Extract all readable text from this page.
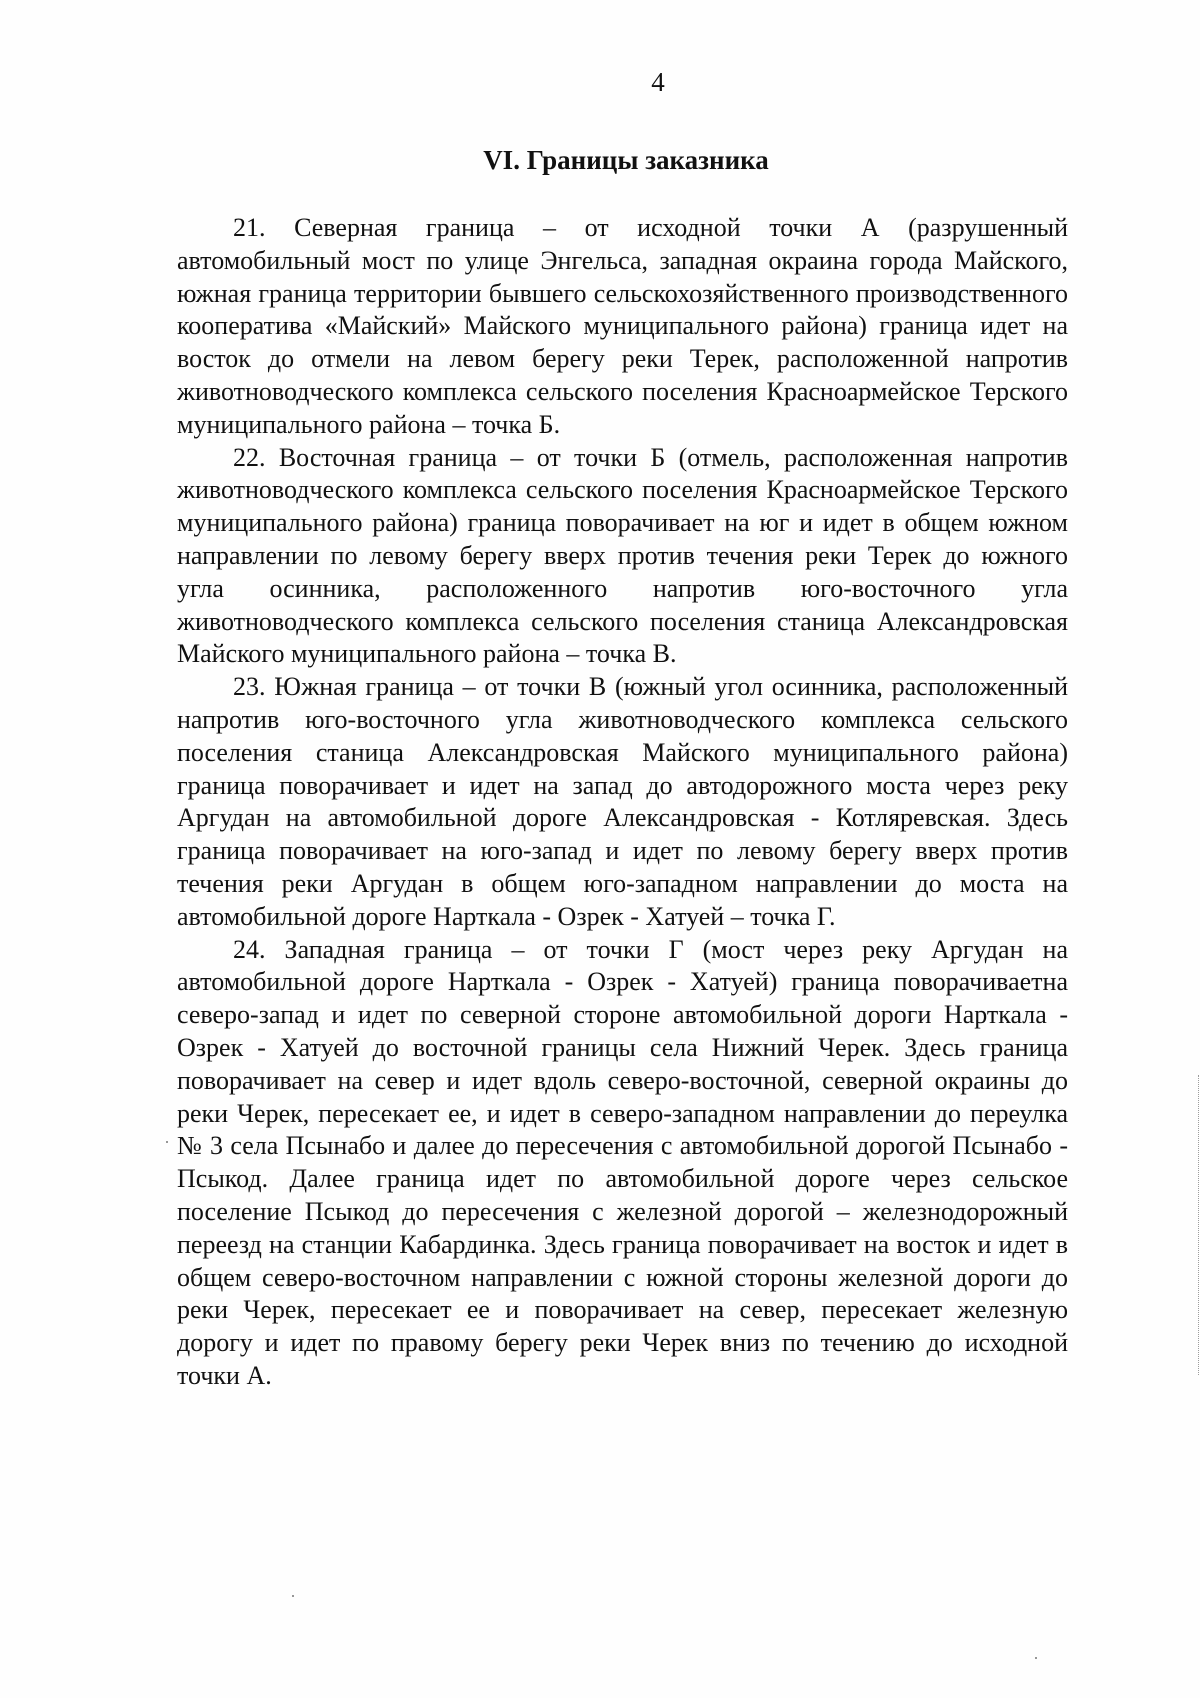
4
VI. Границы заказника

21. Северная граница – от исходной точки А (разрушенный автомобильный мост по улице Энгельса, западная окраина города Майского, южная граница территории бывшего сельскохозяйственного производственного кооператива «Майский» Майского муниципального района) граница идет на восток до отмели на левом берегу реки Терек, расположенной напротив животноводческого комплекса сельского поселения Красноармейское Терского муниципального района – точка Б.

22. Восточная граница – от точки Б (отмель, расположенная напротив животноводческого комплекса сельского поселения Красноармейское Терского муниципального района) граница поворачивает на юг и идет в общем южном направлении по левому берегу вверх против течения реки Терек до южного угла осинника, расположенного напротив юго-восточного угла животноводческого комплекса сельского поселения станица Александровская Майского муниципального района – точка В.

23. Южная граница – от точки В (южный угол осинника, расположенный напротив юго-восточного угла животноводческого комплекса сельского поселения станица Александровская Майского муниципального района) граница поворачивает и идет на запад до автодорожного моста через реку Аргудан на автомобильной дороге Александровская - Котляревская. Здесь граница поворачивает на юго-запад и идет по левому берегу вверх против течения реки Аргудан в общем юго-западном направлении до моста на автомобильной дороге Нарткала - Озрек - Хатуей – точка Г.

24. Западная граница – от точки Г (мост через реку Аргудан на автомобильной дороге Нарткала - Озрек - Хатуей) граница поворачиваетна северо-запад и идет по северной стороне автомобильной дороги Нарткала - Озрек - Хатуей до восточной границы села Нижний Черек. Здесь граница поворачивает на север и идет вдоль северо-восточной, северной окраины до реки Черек, пересекает ее, и идет в северо-западном направлении до переулка № 3 села Псынабо и далее до пересечения с автомобильной дорогой Псынабо - Псыкод. Далее граница идет по автомобильной дороге через сельское поселение Псыкод до пересечения с железной дорогой – железнодорожный переезд на станции Кабардинка. Здесь граница поворачивает на восток и идет в общем северо-восточном направлении с южной стороны железной дороги до реки Черек, пересекает ее и поворачивает на север, пересекает железную дорогу и идет по правому берегу реки Черек вниз по течению до исходной точки А.
